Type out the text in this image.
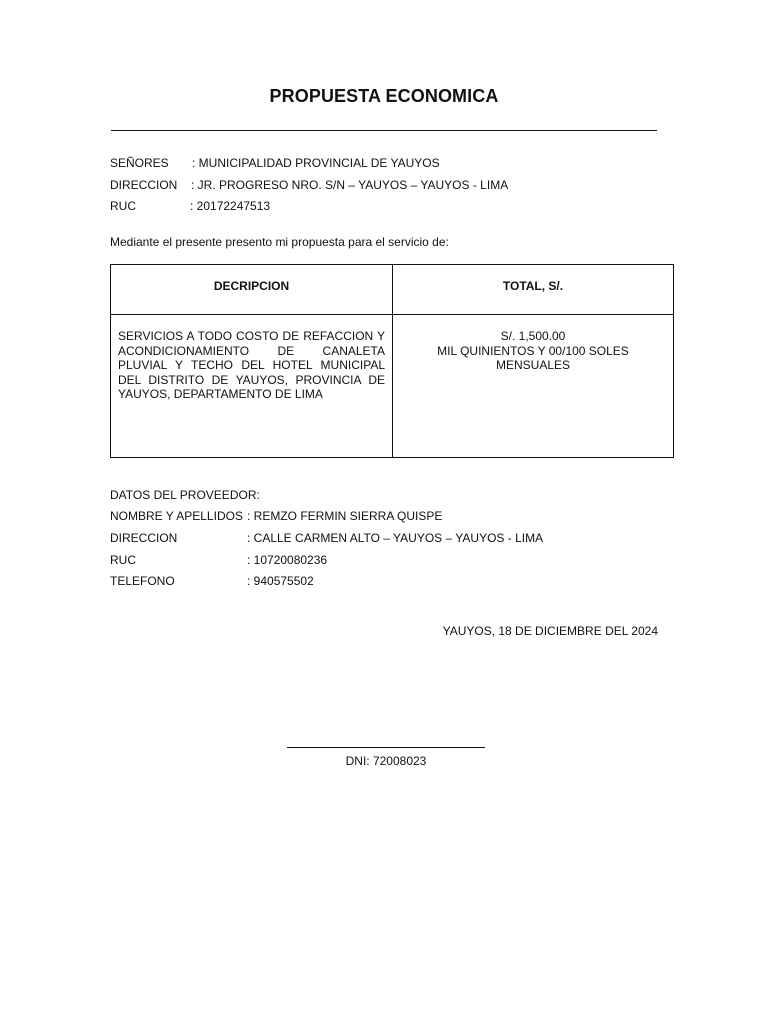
PROPUESTA ECONOMICA
SEÑORES : MUNICIPALIDAD PROVINCIAL DE YAUYOS
DIRECCION : JR. PROGRESO NRO. S/N – YAUYOS – YAUYOS - LIMA
RUC	: 20172247513
Mediante el presente presento mi propuesta para el servicio de:
DECRIPCION	TOTAL, S/.
SERVICIOS A TODO COSTO DE REFACCION Y ACONDICIONAMIENTO DE CANALETA PLUVIAL Y TECHO DEL HOTEL MUNICIPAL DEL DISTRITO DE YAUYOS, PROVINCIA DE YAUYOS, DEPARTAMENTO DE LIMA	S/. 1,500.00
MIL QUINIENTOS Y 00/100 SOLES
MENSUALES
DATOS DEL PROVEEDOR:
NOMBRE Y APELLIDOS : REMZO FERMIN SIERRA QUISPE
DIRECCION	: CALLE CARMEN ALTO – YAUYOS – YAUYOS - LIMA
RUC	: 10720080236
TELEFONO	: 940575502
YAUYOS, 18 DE DICIEMBRE DEL 2024
DNI: 72008023
